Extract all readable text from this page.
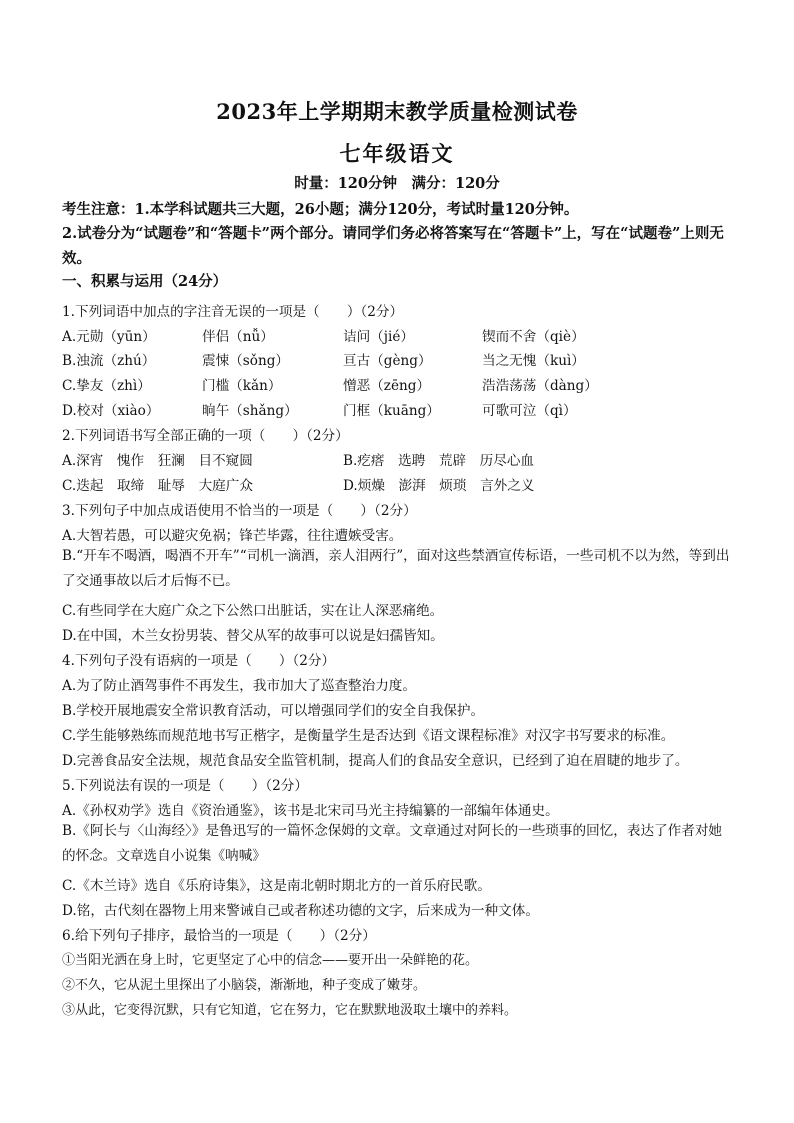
2023年上学期期末教学质量检测试卷
七年级语文
时量：120分钟　满分：120分
考生注意：1.本学科试题共三大题，26小题；满分120分，考试时量120分钟。
2.试卷分为“试题卷”和“答题卡”两个部分。请同学们务必将答案写在“答题卡”上，写在“试题卷”上则无效。
一、积累与运用（24分）
1.下列词语中加点的字注音无误的一项是（　　）（2分）
A.元勋（yūn）	伴侣（nǚ）	诘问（jié）	锲而不舍（qiè）
B.浊流（zhú）	震悚（sǒng）	亘古（gèng）	当之无愧（kuì）
C.挚友（zhì）	门槛（kǎn）	憎恶（zēng）	浩浩荡荡（dàng）
D.校对（xiào）	晌午（shǎng）	门框（kuāng）	可歌可泣（qì）
2.下列词语书写全部正确的一项（　　）（2分）
A.深宵　愧作　狂澜　目不窥圆	B.疙瘩　选聘　荒辟　历尽心血
C.迭起　取缔　耻辱　大庭广众	D.烦燥　澎湃　烦琐　言外之义
3.下列句子中加点成语使用不恰当的一项是（　　）（2分）
A.大智若愚，可以避灾免祸；锋芒毕露，往往遭嫉受害。
B.“开车不喝酒，喝酒不开车”“司机一滴酒，亲人泪两行”，面对这些禁酒宣传标语，一些司机不以为然，等到出了交通事故以后才后悔不已。
C.有些同学在大庭广众之下公然口出脏话，实在让人深恶痛绝。
D.在中国，木兰女扮男装、替父从军的故事可以说是妇孺皆知。
4.下列句子没有语病的一项是（　　）（2分）
A.为了防止酒驾事件不再发生，我市加大了巡查整治力度。
B.学校开展地震安全常识教育活动，可以增强同学们的安全自我保护。
C.学生能够熟练而规范地书写正楷字，是衡量学生是否达到《语文课程标准》对汉字书写要求的标准。
D.完善食品安全法规，规范食品安全监管机制，提高人们的食品安全意识，已经到了迫在眉睫的地步了。
5.下列说法有误的一项是（　　）（2分）
A.《孙权劝学》选自《资治通鉴》，该书是北宋司马光主持编纂的一部编年体通史。
B.《阿长与〈山海经〉》是鲁迅写的一篇怀念保姆的文章。文章通过对阿长的一些琐事的回忆，表达了作者对她的怀念。文章选自小说集《呐喊》
C.《木兰诗》选自《乐府诗集》，这是南北朝时期北方的一首乐府民歌。
D.铭，古代刻在器物上用来警诫自己或者称述功德的文字，后来成为一种文体。
6.给下列句子排序，最恰当的一项是（　　）（2分）
①当阳光洒在身上时，它更坚定了心中的信念——要开出一朵鲜艳的花。
②不久，它从泥土里探出了小脑袋，渐渐地，种子变成了嫩芽。
③从此，它变得沉默，只有它知道，它在努力，它在默默地汲取土壤中的养料。
